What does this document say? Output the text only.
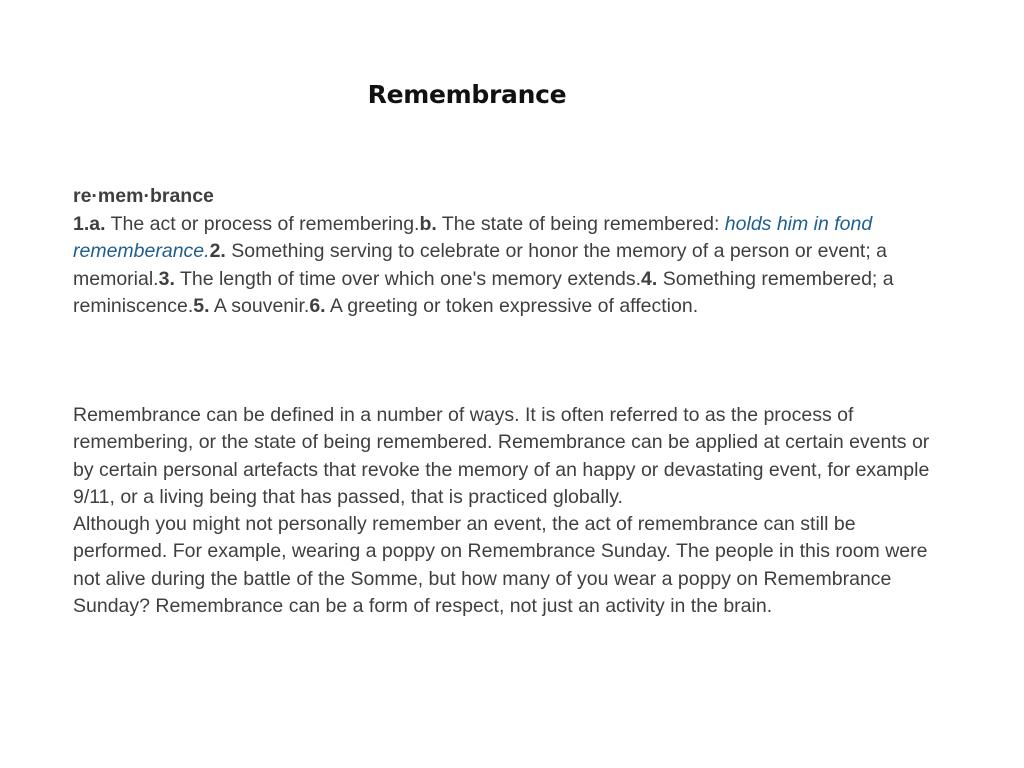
Remembrance
re·mem·brance
1.a. The act or process of remembering.b. The state of being remembered: holds him in fond rememberance.2. Something serving to celebrate or honor the memory of a person or event; a memorial.3. The length of time over which one's memory extends.4. Something remembered; a reminiscence.5. A souvenir.6. A greeting or token expressive of affection.

Remembrance can be defined in a number of ways. It is often referred to as the process of remembering, or the state of being remembered. Remembrance can be applied at certain events or by certain personal artefacts that revoke the memory of an happy or devastating event, for example 9/11, or a living being that has passed, that is practiced globally.

Although you might not personally remember an event, the act of remembrance can still be performed. For example, wearing a poppy on Remembrance Sunday. The people in this room were not alive during the battle of the Somme, but how many of you wear a poppy on Remembrance Sunday? Remembrance can be a form of respect, not just an activity in the brain.
